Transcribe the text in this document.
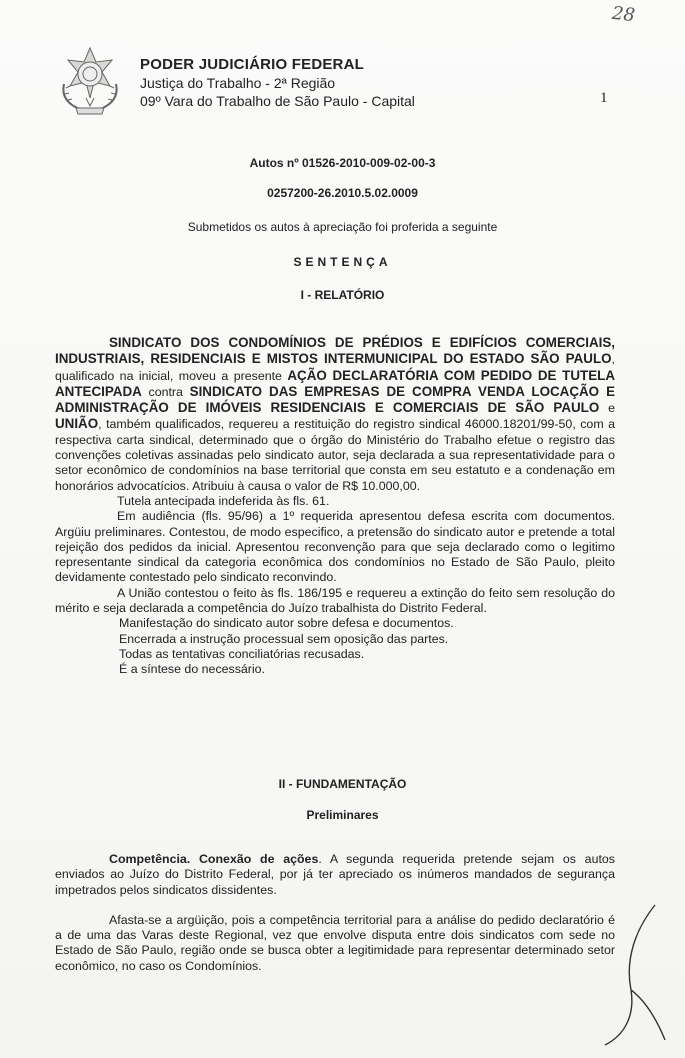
28
PODER JUDICIÁRIO FEDERAL
Justiça do Trabalho - 2ª Região
09º Vara do Trabalho de São Paulo - Capital	1
Autos nº 01526-2010-009-02-00-3
0257200-26.2010.5.02.0009
Submetidos os autos à apreciação foi proferida a seguinte
SENTENÇA
I - RELATÓRIO

SINDICATO DOS CONDOMÍNIOS DE PRÉDIOS E EDIFÍCIOS COMERCIAIS, INDUSTRIAIS, RESIDENCIAIS E MISTOS INTERMUNICIPAL DO ESTADO SÃO PAULO, qualificado na inicial, moveu a presente AÇÃO DECLARATÓRIA COM PEDIDO DE TUTELA ANTECIPADA contra SINDICATO DAS EMPRESAS DE COMPRA VENDA LOCAÇÃO E ADMINISTRAÇÃO DE IMÓVEIS RESIDENCIAIS E COMERCIAIS DE SÃO PAULO e UNIÃO, também qualificados, requereu a restituição do registro sindical 46000.18201/99-50, com a respectiva carta sindical, determinado que o órgão do Ministério do Trabalho efetue o registro das convenções coletivas assinadas pelo sindicato autor, seja declarada a sua representatividade para o setor econômico de condomínios na base territorial que consta em seu estatuto e a condenação em honorários advocatícios. Atribuiu à causa o valor de R$ 10.000,00.

Tutela antecipada indeferida às fls. 61.

Em audiência (fls. 95/96) a 1º requerida apresentou defesa escrita com documentos. Argüiu preliminares. Contestou, de modo especifico, a pretensão do sindicato autor e pretende a total rejeição dos pedidos da inicial. Apresentou reconvenção para que seja declarado como o legitimo representante sindical da categoria econômica dos condomínios no Estado de São Paulo, pleito devidamente contestado pelo sindicato reconvindo.

A União contestou o feito às fls. 186/195 e requereu a extinção do feito sem resolução do mérito e seja declarada a competência do Juízo trabalhista do Distrito Federal.

Manifestação do sindicato autor sobre defesa e documentos.

Encerrada a instrução processual sem oposição das partes.

Todas as tentativas conciliatórias recusadas.

É a síntese do necessário.

II - FUNDAMENTAÇÃO
Preliminares

Competência. Conexão de ações. A segunda requerida pretende sejam os autos enviados ao Juízo do Distrito Federal, por já ter apreciado os inúmeros mandados de segurança impetrados pelos sindicatos dissidentes.

Afasta-se a argüição, pois a competência territorial para a análise do pedido declaratório é a de uma das Varas deste Regional, vez que envolve disputa entre dois sindicatos com sede no Estado de São Paulo, região onde se busca obter a legitimidade para representar determinado setor econômico, no caso os Condomínios.
